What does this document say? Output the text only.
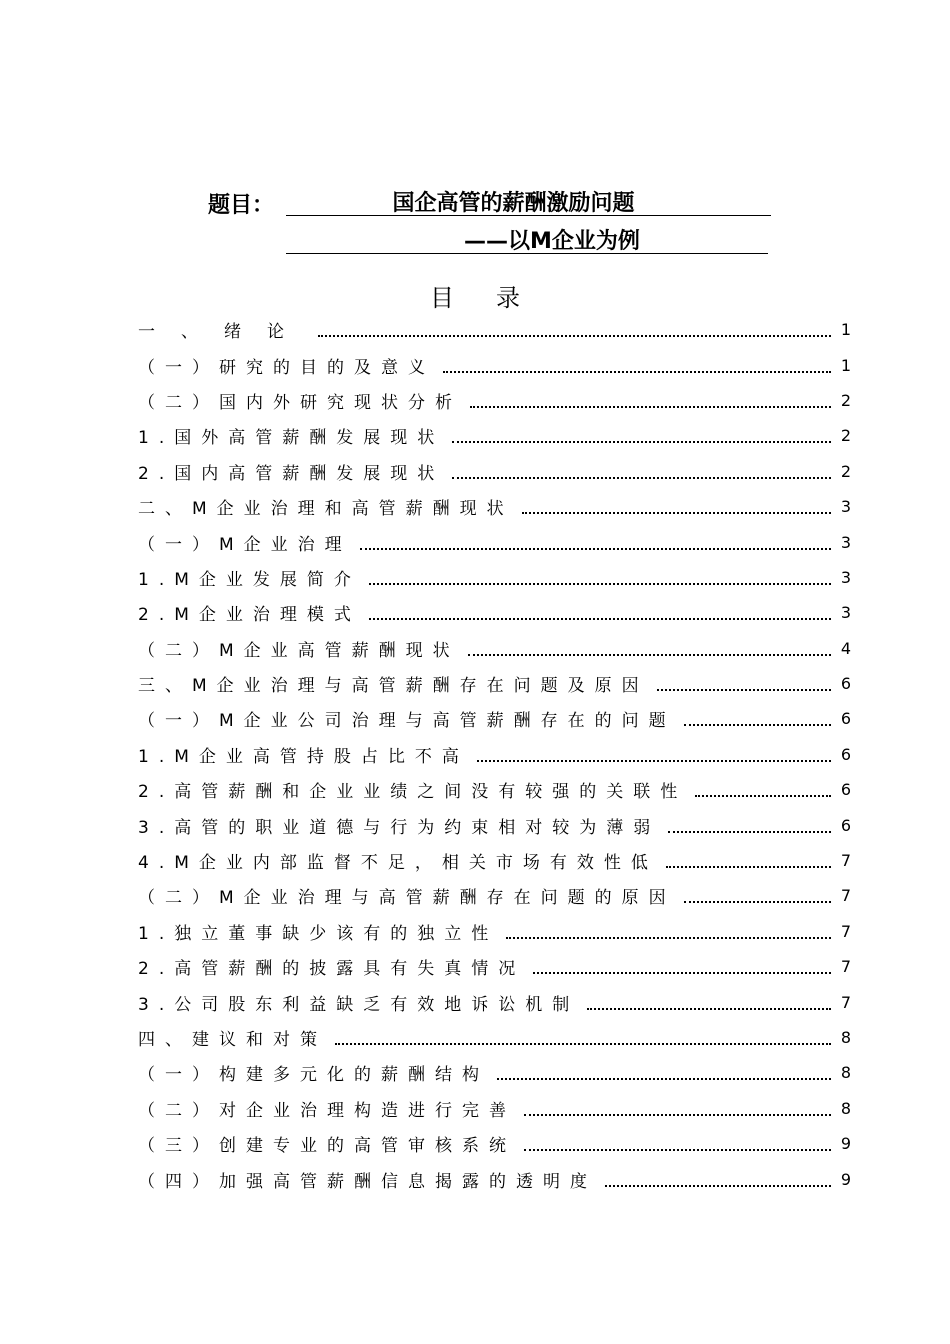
题目：	国企高管的薪酬激励问题
——以M企业为例
目录
一、绪论	1
（一）研究的目的及意义	1
（二）国内外研究现状分析	2
1.国外高管薪酬发展现状	2
2.国内高管薪酬发展现状	2
二、M企业治理和高管薪酬现状	3
（一）M企业治理	3
1.M企业发展简介	3
2.M企业治理模式	3
（二）M企业高管薪酬现状	4
三、M企业治理与高管薪酬存在问题及原因	6
（一）M企业公司治理与高管薪酬存在的问题	6
1.M企业高管持股占比不高	6
2.高管薪酬和企业业绩之间没有较强的关联性	6
3.高管的职业道德与行为约束相对较为薄弱	6
4.M企业内部监督不足，相关市场有效性低	7
（二）M企业治理与高管薪酬存在问题的原因	7
1.独立董事缺少该有的独立性	7
2.高管薪酬的披露具有失真情况	7
3.公司股东利益缺乏有效地诉讼机制	7
四、建议和对策	8
（一）构建多元化的薪酬结构	8
（二）对企业治理构造进行完善	8
（三）创建专业的高管审核系统	9
（四）加强高管薪酬信息揭露的透明度	9
